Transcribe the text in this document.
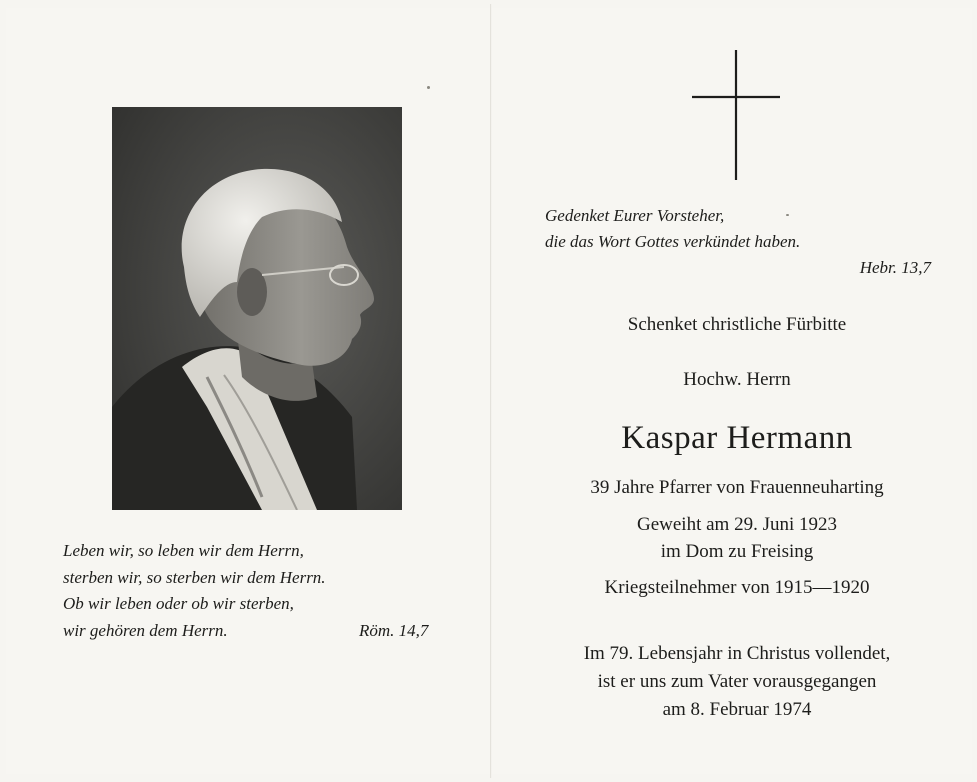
Leben wir, so leben wir dem Herrn,
sterben wir, so sterben wir dem Herrn.
Ob wir leben oder ob wir sterben,
wir gehören dem Herrn.	Röm. 14,7
Gedenket Eurer Vorsteher,
die das Wort Gottes verkündet haben.
Hebr. 13,7
Schenket christliche Fürbitte
Hochw. Herrn
Kaspar Hermann
39 Jahre Pfarrer von Frauenneuharting
Geweiht am 29. Juni 1923
im Dom zu Freising
Kriegsteilnehmer von 1915—1920
Im 79. Lebensjahr in Christus vollendet,
ist er uns zum Vater vorausgegangen
am 8. Februar 1974
